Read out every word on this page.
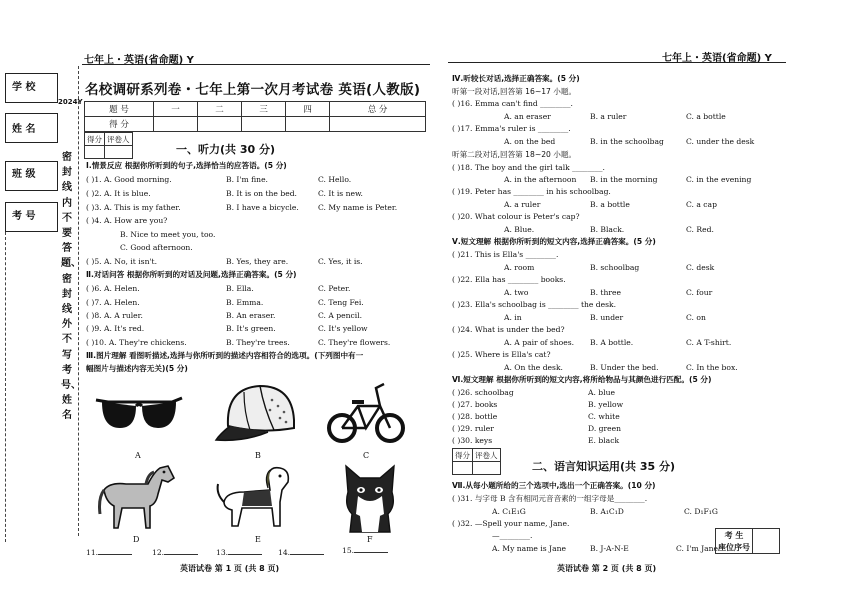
七年上・英语(省命题) Y	七年上・英语(省命题) Y
学 校
姓 名
班 级
考 号
2024Y
密封线内不要答题、密封线外不写考号、姓名
名校调研系列卷・七年上第一次月考试卷 英语(人教版)
题 号	一	二	三	四	总 分
得 分					
得分	评卷人

一、听力(共 30 分)
Ⅰ.情景反应 根据你所听到的句子,选择恰当的应答语。(5 分)
( )1. A. Good morning.	B. I'm fine.	C. Hello.
( )2. A. It is blue.	B. It is on the bed.	C. It is new.
( )3. A. This is my father.	B. I have a bicycle.	C. My name is Peter.
( )4. A. How are you?
B. Nice to meet you, too.
C. Good afternoon.
( )5. A. No, it isn't.	B. Yes, they are.	C. Yes, it is.
Ⅱ.对话问答 根据你所听到的对话及问题,选择正确答案。(5 分)
( )6. A. Helen.	B. Ella.	C. Peter.
( )7. A. Helen.	B. Emma.	C. Teng Fei.
( )8. A. A ruler.	B. An eraser.	C. A pencil.
( )9. A. It's red.	B. It's green.	C. It's yellow
( )10. A. They're chickens.	B. They're trees.	C. They're flowers.
Ⅲ.图片理解 看图听描述,选择与你所听到的描述内容相符合的选项。(下列图中有一
幅图片与描述内容无关)(5 分)
A	B	C
D	E	F
11.	12.	13.	14.	15.
英语试卷 第 1 页 (共 8 页)
Ⅳ.听较长对话,选择正确答案。(5 分)
听第一段对话,回答第 16~17 小题。
( )16. Emma can't find ________.
A. an eraser	B. a ruler	C. a bottle
( )17. Emma's ruler is ________.
A. on the bed	B. in the schoolbag	C. under the desk
听第二段对话,回答第 18~20 小题。
( )18. The boy and the girl talk ________.
A. in the afternoon B. in the morning	C. in the evening
( )19. Peter has ________ in his schoolbag.
A. a ruler	B. a bottle	C. a cap
( )20. What colour is Peter's cap?
A. Blue.	B. Black.	C. Red.
Ⅴ.短文理解 根据你所听到的短文内容,选择正确答案。(5 分)
( )21. This is Ella's ________.
A. room	B. schoolbag	C. desk
( )22. Ella has ________ books.
A. two	B. three	C. four
( )23. Ella's schoolbag is ________ the desk.
A. in	B. under	C. on
( )24. What is under the bed?
A. A pair of shoes. B. A bottle.	C. A T-shirt.
( )25. Where is Ella's cat?
A. On the desk.	B. Under the bed.	C. In the box.
Ⅵ.短文理解 根据你所听到的短文内容,将所给物品与其颜色进行匹配。(5 分)
( )26. schoolbag	A. blue
( )27. books	B. yellow
( )28. bottle	C. white
( )29. ruler	D. green
( )30. keys	E. black
得分	评卷人

二、语言知识运用(共 35 分)
Ⅶ.从每小题所给的三个选项中,选出一个正确答案。(10 分)
( )31. 与字母 B 含有相同元音音素的一组字母是________.
A. C₁E₁G	B. A₁C₁D	C. D₁F₁G
( )32. —Spell your name, Jane.
—________.
A. My name is Jane	B. J-A-N-E	C. I'm Jane
考 生	
座位序号
英语试卷 第 2 页 (共 8 页)
